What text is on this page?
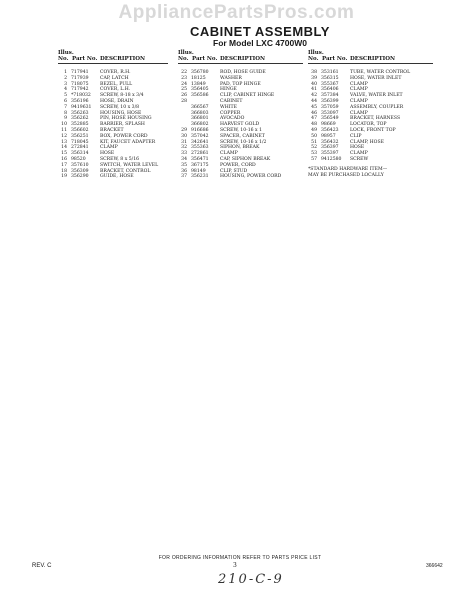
AppliancePartsPros.com
CABINET ASSEMBLY
For Model LXC 4700W0
Illus.
No. Part No. DESCRIPTION
1 717941 COVER, R.H.
2 717939 CAP, LATCH
3 718075 BEZEL, PULL
4 717942 COVER, L.H.
5 *718032 SCREW, 8-18 x 3/4
6 356196 HOSE, DRAIN
7 9419631 SCREW, 10 x 3/8
8 356263 HOUSING, HOSE
9 356262 PIN, HOSE HOUSING
10 352885 BARRIER, SPLASH
11 356602 BRACKET
12 356251 BOX, POWER CORD
13 718045 KIT, FAUCET ADAPTER
14 272841 CLAMP
15 356314 HOSE
16 98520	SCREW, 8 x 5/16
17 357610 SWITCH, WATER LEVEL
18 356309 BRACKET, CONTROL
19 356290 GUIDE, HOSE
Illus.
No. Part No. DESCRIPTION
22 356780 ROD, HOSE GUIDE
23 18125	WASHER
24 13849	PAD, TOP HINGE
25 356405 HINGE
26 356586 CLIP, CABINET HINGE
28	CABINET
366567 WHITE
366803 COPPER
366801 AVOCADO
366802 HARVEST GOLD
29 916686 SCREW, 10-16 x 1
30 357042 SPACER, CABINET
31 342641 SCREW, 10-16 x 1/2
32 355363 SIPHON, BREAK
33 272861 CLAMP
34 356471 CAP, SIPHON BREAK
35 367175 POWER, CORD
36 98149	CLIP, STUD
37 356231 HOUSING, POWER CORD
Illus.
No. Part No. DESCRIPTION
38 353161 TUBE, WATER CONTROL
39 356315 HOSE, WATER INLET
40 355367 CLAMP
41 356406 CLAMP
42 357384 VALVE, WATER INLET
44 356399 CLAMP
45 357059 ASSEMBLY, COUPLER
46 353097 CLAMP
47 356549 BRACKET, HARNESS
48 98669	LOCATOR, TOP
49 356423 LOCK, FRONT TOP
50 98957	CLIP
51 356432 CLAMP, HOSE
52 356397 HOSE
53 355397 CLAMP
57 9412580 SCREW
*STANDARD HARDWARE ITEM—
MAY BE PURCHASED LOCALLY
FOR ORDERING INFORMATION REFER TO PARTS PRICE LIST
REV. C	3	366642
210-C-9
